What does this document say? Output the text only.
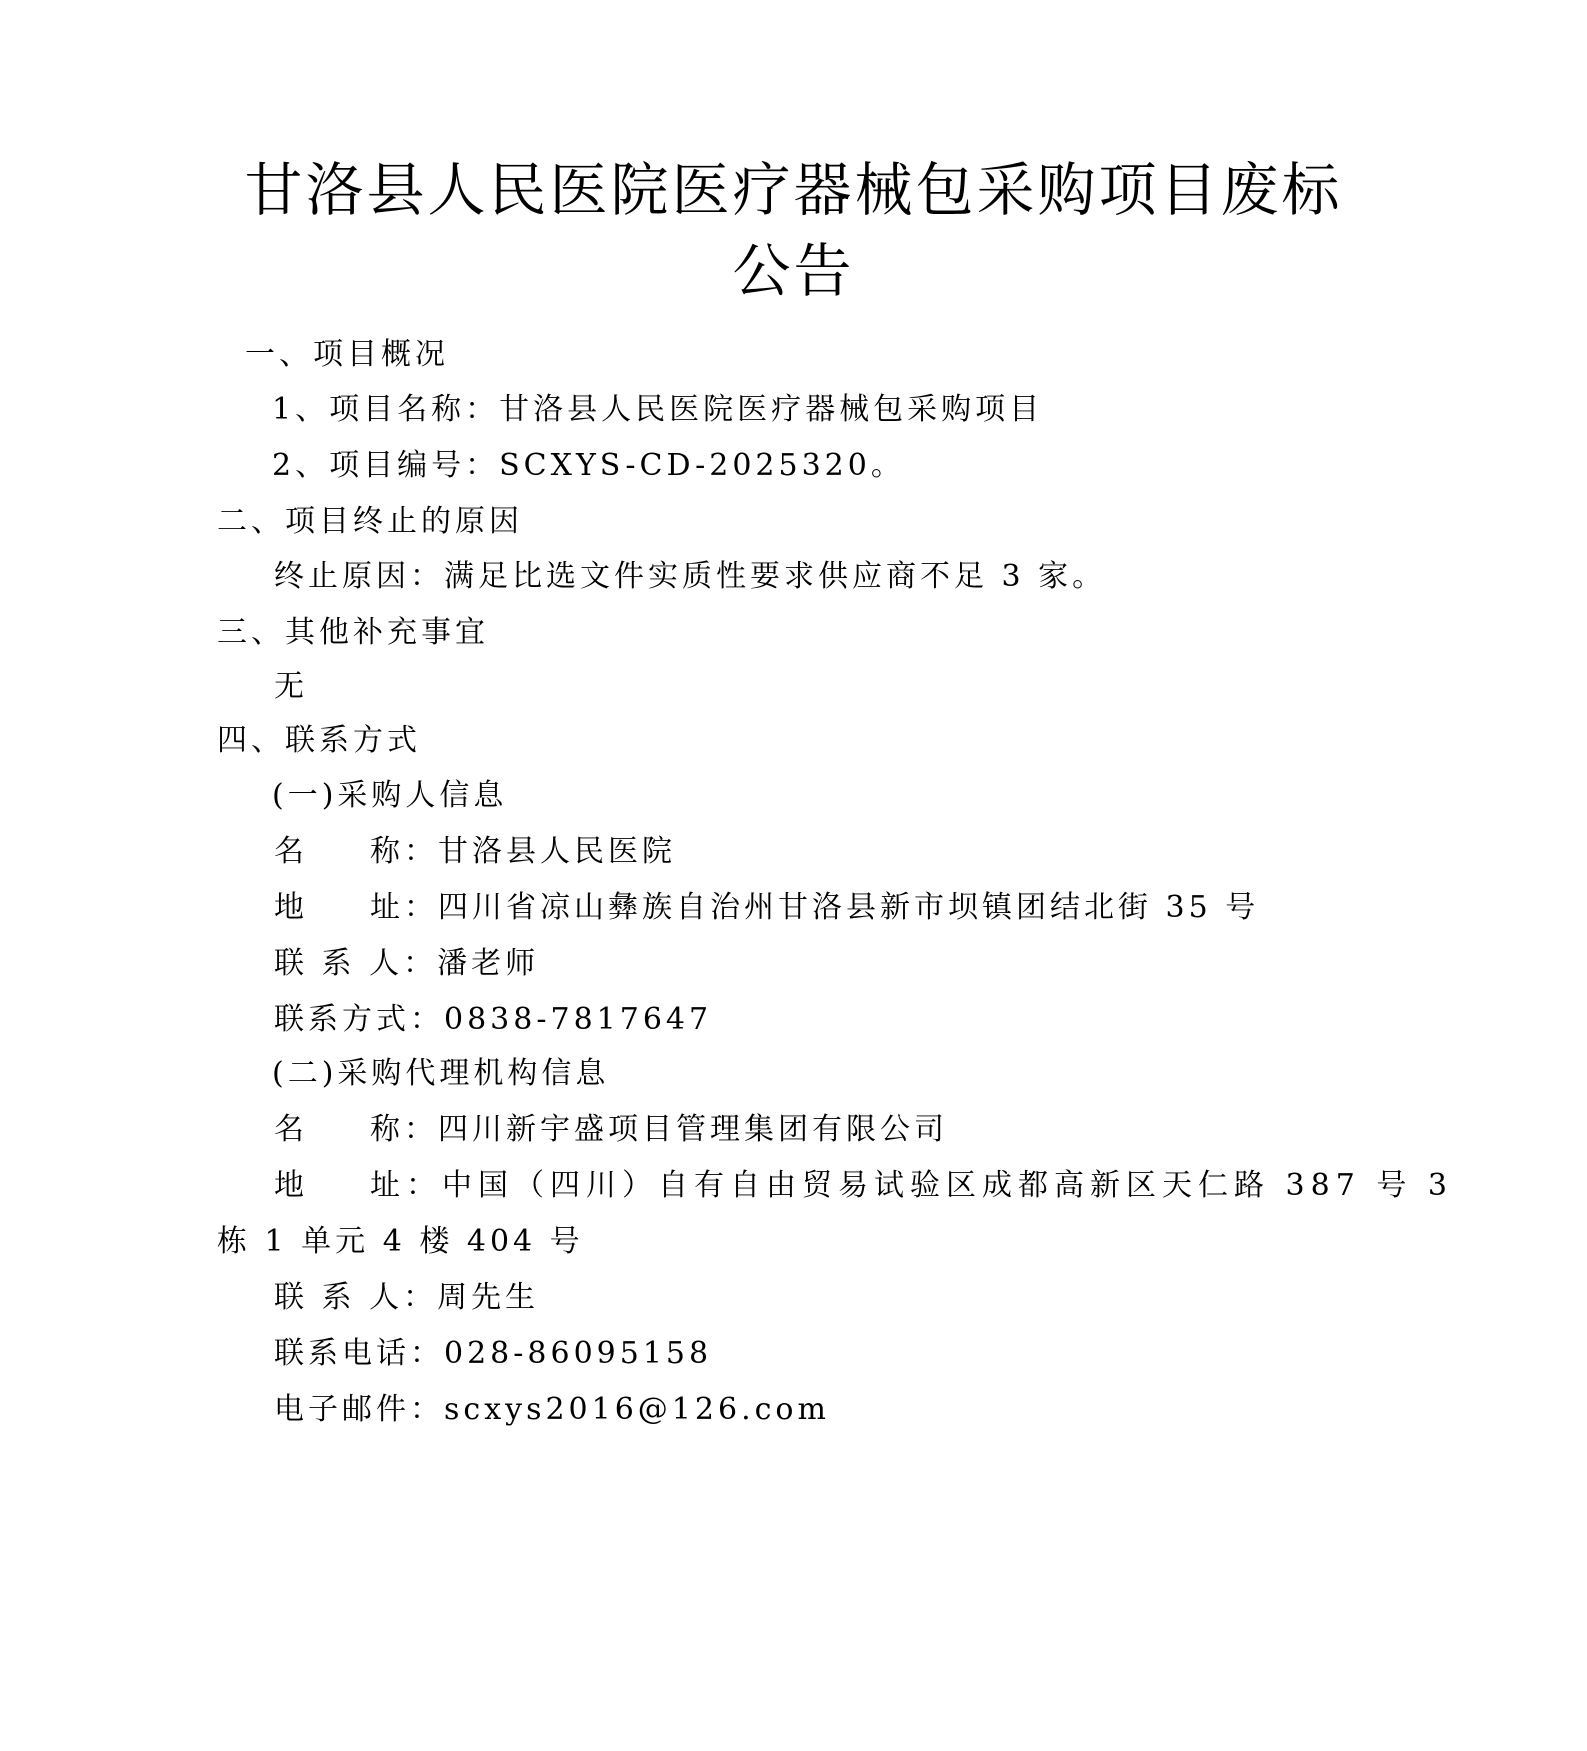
甘洛县人民医院医疗器械包采购项目废标
公告
一、项目概况
1、项目名称：甘洛县人民医院医疗器械包采购项目
2、项目编号：SCXYS-CD-2025320。
二、项目终止的原因
终止原因：满足比选文件实质性要求供应商不足 3 家。
三、其他补充事宜
无
四、联系方式
(一)采购人信息
名 称：甘洛县人民医院
地 址：四川省凉山彝族自治州甘洛县新市坝镇团结北街 35 号
联 系 人：潘老师
联系方式：0838-7817647
(二)采购代理机构信息
名 称：四川新宇盛项目管理集团有限公司
地 址：中国（四川）自有自由贸易试验区成都高新区天仁路 387 号 3
栋 1 单元 4 楼 404 号
联 系 人：周先生
联系电话：028-86095158
电子邮件：scxys2016@126.com
